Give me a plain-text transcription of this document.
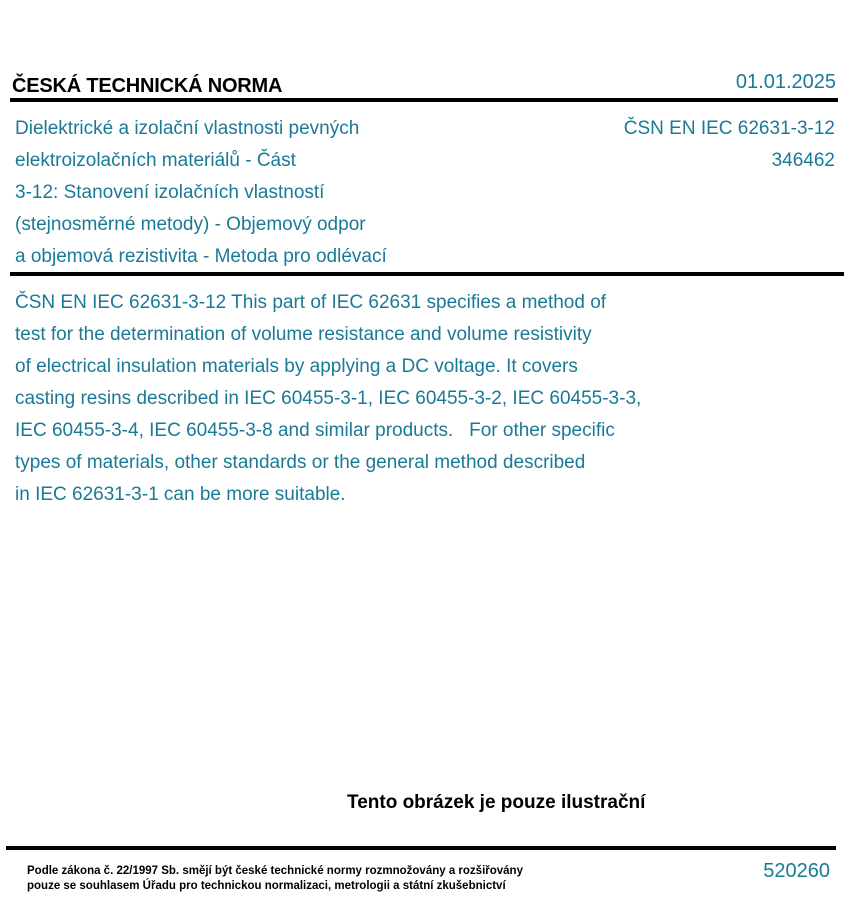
ČESKÁ TECHNICKÁ NORMA	01.01.2025
Dielektrické a izolační vlastnosti pevných
elektroizolačních materiálů - Část
3-12: Stanovení izolačních vlastností
(stejnosměrné metody) - Objemový odpor
a objemová rezistivita - Metoda pro odlévací
ČSN EN IEC 62631-3-12
346462
ČSN EN IEC 62631-3-12 This part of IEC 62631 specifies a method of
test for the determination of volume resistance and volume resistivity
of electrical insulation materials by applying a DC voltage. It covers
casting resins described in IEC 60455-3-1, IEC 60455-3-2, IEC 60455-3-3,
IEC 60455-3-4, IEC 60455-3-8 and similar products.   For other specific
types of materials, other standards or the general method described
in IEC 62631-3-1 can be more suitable.
Tento obrázek je pouze ilustrační
Podle zákona č. 22/1997 Sb. smějí být české technické normy rozmnožovány a rozšiřovány
pouze se souhlasem Úřadu pro technickou normalizaci, metrologii a státní zkušebnictví
520260
